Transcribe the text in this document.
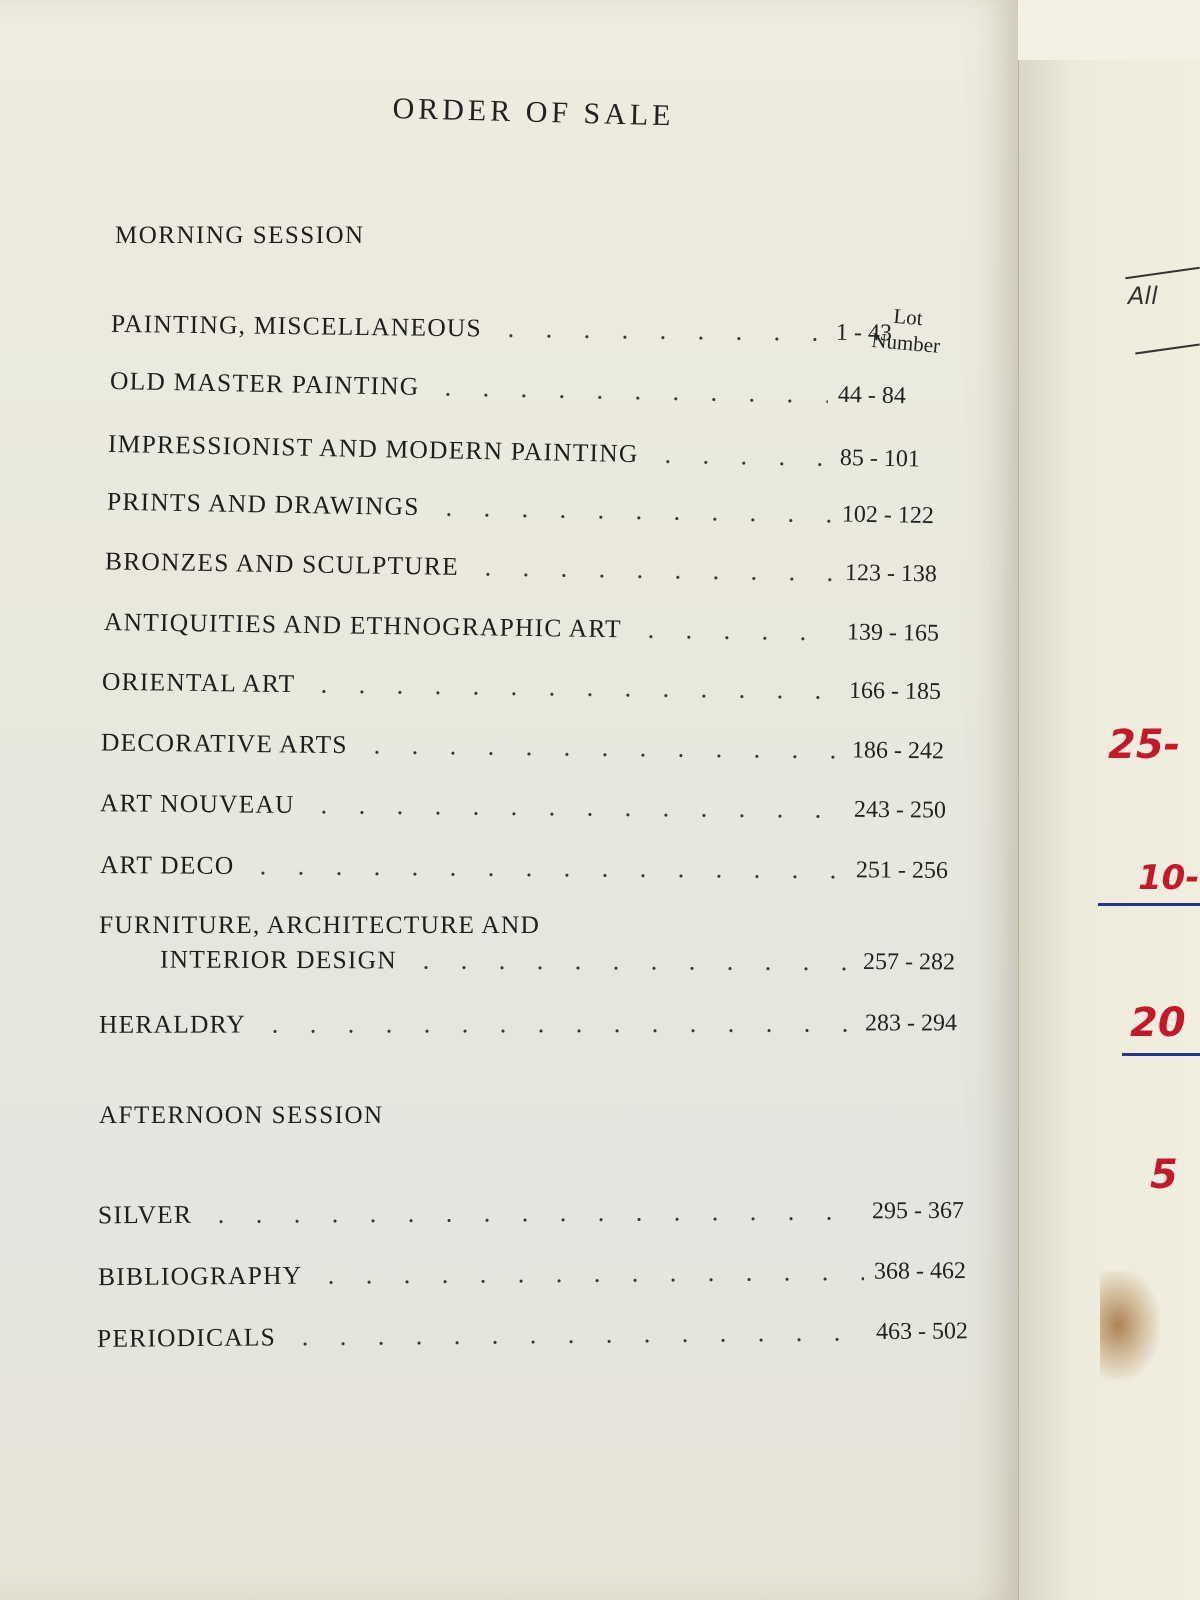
ORDER OF SALE
MORNING SESSION
Lot Number
PAINTING, MISCELLANEOUS	1 - 43
OLD MASTER PAINTING	44 - 84
IMPRESSIONIST AND MODERN PAINTING	85 - 101
PRINTS AND DRAWINGS	102 - 122
BRONZES AND SCULPTURE	123 - 138
ANTIQUITIES AND ETHNOGRAPHIC ART	139 - 165
ORIENTAL ART	166 - 185
DECORATIVE ARTS	186 - 242
ART NOUVEAU	243 - 250
ART DECO	251 - 256
FURNITURE, ARCHITECTURE AND
INTERIOR DESIGN	257 - 282
HERALDRY	283 - 294
AFTERNOON SESSION
SILVER	295 - 367
BIBLIOGRAPHY	368 - 462
PERIODICALS	463 - 502
All
25-
10-
20
5
